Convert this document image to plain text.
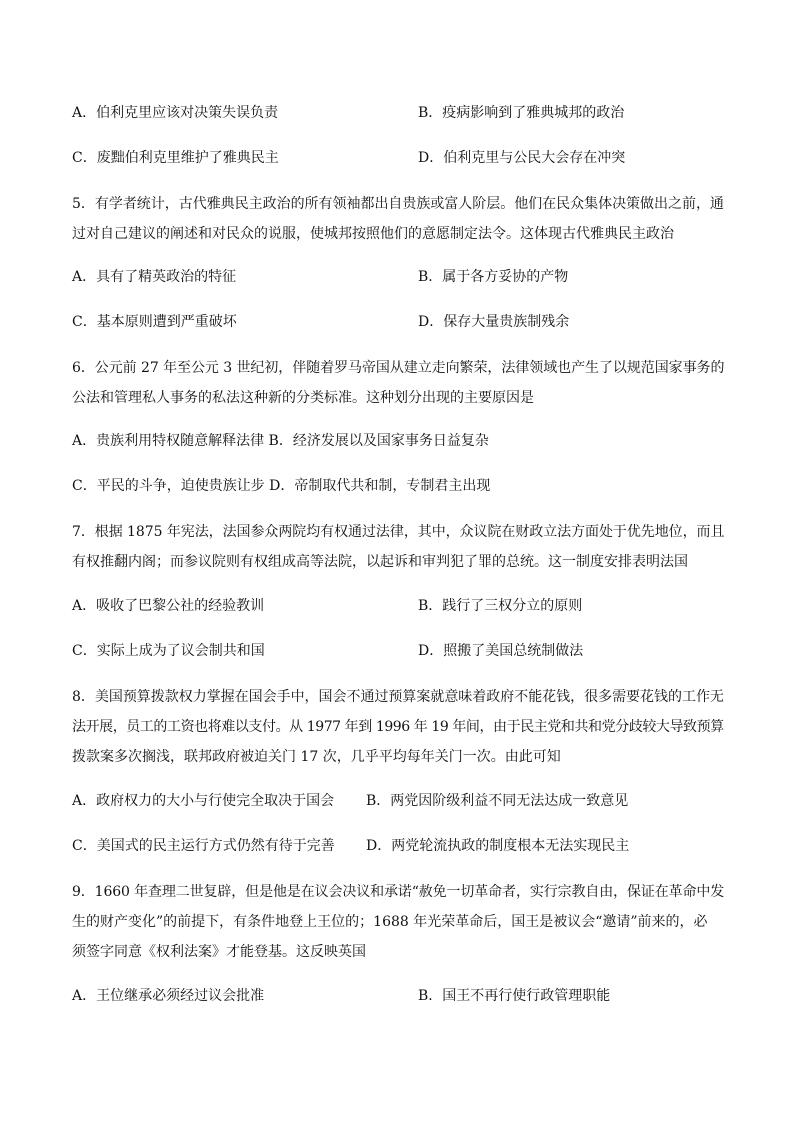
A．伯利克里应该对决策失误负责	B．疫病影响到了雅典城邦的政治
C．废黜伯利克里维护了雅典民主	D．伯利克里与公民大会存在冲突
5．有学者统计，古代雅典民主政治的所有领袖都出自贵族或富人阶层。他们在民众集体决策做出之前，通
过对自己建议的阐述和对民众的说服，使城邦按照他们的意愿制定法令。这体现古代雅典民主政治
A．具有了精英政治的特征	B．属于各方妥协的产物
C．基本原则遭到严重破坏	D．保存大量贵族制残余
6．公元前 27 年至公元 3 世纪初，伴随着罗马帝国从建立走向繁荣，法律领域也产生了以规范国家事务的
公法和管理私人事务的私法这种新的分类标准。这种划分出现的主要原因是
A．贵族利用特权随意解释法律 B．经济发展以及国家事务日益复杂
C．平民的斗争，迫使贵族让步 D．帝制取代共和制，专制君主出现
7．根据 1875 年宪法，法国参众两院均有权通过法律，其中，众议院在财政立法方面处于优先地位，而且
有权推翻内阁；而参议院则有权组成高等法院，以起诉和审判犯了罪的总统。这一制度安排表明法国
A．吸收了巴黎公社的经验教训	B．践行了三权分立的原则
C．实际上成为了议会制共和国	D．照搬了美国总统制做法
8．美国预算拨款权力掌握在国会手中，国会不通过预算案就意味着政府不能花钱，很多需要花钱的工作无
法开展，员工的工资也将难以支付。从 1977 年到 1996 年 19 年间，由于民主党和共和党分歧较大导致预算
拨款案多次搁浅，联邦政府被迫关门 17 次，几乎平均每年关门一次。由此可知
A．政府权力的大小与行使完全取决于国会 B．两党因阶级利益不同无法达成一致意见
C．美国式的民主运行方式仍然有待于完善 D．两党轮流执政的制度根本无法实现民主
9．1660 年查理二世复辟，但是他是在议会决议和承诺“赦免一切革命者，实行宗教自由，保证在革命中发
生的财产变化”的前提下，有条件地登上王位的；1688 年光荣革命后，国王是被议会“邀请”前来的，必
须签字同意《权利法案》才能登基。这反映英国
A．王位继承必须经过议会批准	B．国王不再行使行政管理职能
